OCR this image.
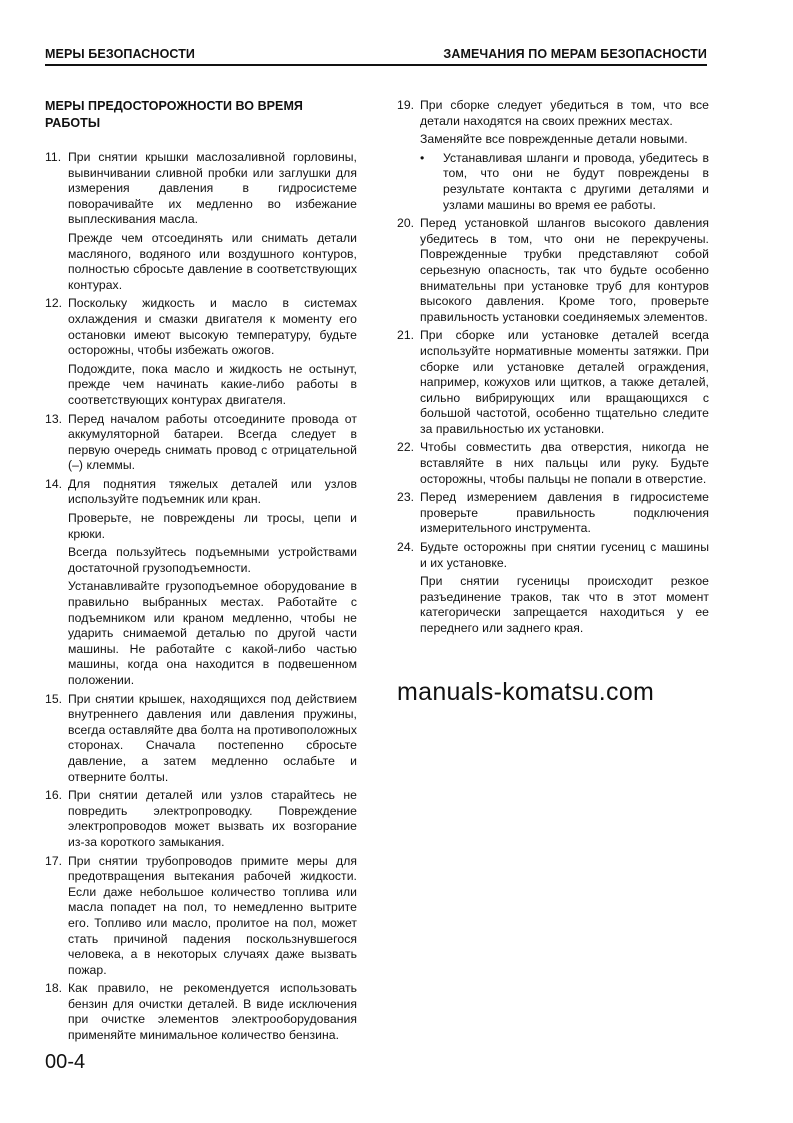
МЕРЫ БЕЗОПАСНОСТИ	ЗАМЕЧАНИЯ ПО МЕРАМ БЕЗОПАСНОСТИ
МЕРЫ ПРЕДОСТОРОЖНОСТИ ВО ВРЕМЯ РАБОТЫ
11. При снятии крышки маслозаливной горловины, вывинчивании сливной пробки или заглушки для измерения давления в гидросистеме поворачивайте их медленно во избежание выплескивания масла.

Прежде чем отсоединять или снимать детали масляного, водяного или воздушного контуров, полностью сбросьте давление в соответствующих контурах.

12. Поскольку жидкость и масло в системах охлаждения и смазки двигателя к моменту его остановки имеют высокую температуру, будьте осторожны, чтобы избежать ожогов.

Подождите, пока масло и жидкость не остынут, прежде чем начинать какие-либо работы в соответствующих контурах двигателя.

13. Перед началом работы отсоедините провода от аккумуляторной батареи. Всегда следует в первую очередь снимать провод с отрицательной (–) клеммы.

14. Для поднятия тяжелых деталей или узлов используйте подъемник или кран.

Проверьте, не повреждены ли тросы, цепи и крюки.

Всегда пользуйтесь подъемными устройствами достаточной грузоподъемности.

Устанавливайте грузоподъемное оборудование в правильно выбранных местах. Работайте с подъемником или краном медленно, чтобы не ударить снимаемой деталью по другой части машины. Не работайте с какой-либо частью машины, когда она находится в подвешенном положении.

15. При снятии крышек, находящихся под действием внутреннего давления или давления пружины, всегда оставляйте два болта на противоположных сторонах. Сначала постепенно сбросьте давление, а затем медленно ослабьте и отверните болты.

16. При снятии деталей или узлов старайтесь не повредить электропроводку. Повреждение электропроводов может вызвать их возгорание из-за короткого замыкания.

17. При снятии трубопроводов примите меры для предотвращения вытекания рабочей жидкости. Если даже небольшое количество топлива или масла попадет на пол, то немедленно вытрите его. Топливо или масло, пролитое на пол, может стать причиной падения поскользнувшегося человека, а в некоторых случаях даже вызвать пожар.

18. Как правило, не рекомендуется использовать бензин для очистки деталей. В виде исключения при очистке элементов электрооборудования применяйте минимальное количество бензина.

00-4
19. При сборке следует убедиться в том, что все детали находятся на своих прежних местах.

Заменяйте все поврежденные детали новыми.

• Устанавливая шланги и провода, убедитесь в том, что они не будут повреждены в результате контакта с другими деталями и узлами машины во время ее работы.
20. Перед установкой шлангов высокого давления убедитесь в том, что они не перекручены. Поврежденные трубки представляют собой серьезную опасность, так что будьте особенно внимательны при установке труб для контуров высокого давления. Кроме того, проверьте правильность установки соединяемых элементов.

21. При сборке или установке деталей всегда используйте нормативные моменты затяжки. При сборке или установке деталей ограждения, например, кожухов или щитков, а также деталей, сильно вибрирующих или вращающихся с большой частотой, особенно тщательно следите за правильностью их установки.

22. Чтобы совместить два отверстия, никогда не вставляйте в них пальцы или руку. Будьте осторожны, чтобы пальцы не попали в отверстие.

23. Перед измерением давления в гидросистеме проверьте правильность подключения измерительного инструмента.

24. Будьте осторожны при снятии гусениц с машины и их установке.

При снятии гусеницы происходит резкое разъединение траков, так что в этот момент категорически запрещается находиться у ее переднего или заднего края.

manuals-komatsu.com
